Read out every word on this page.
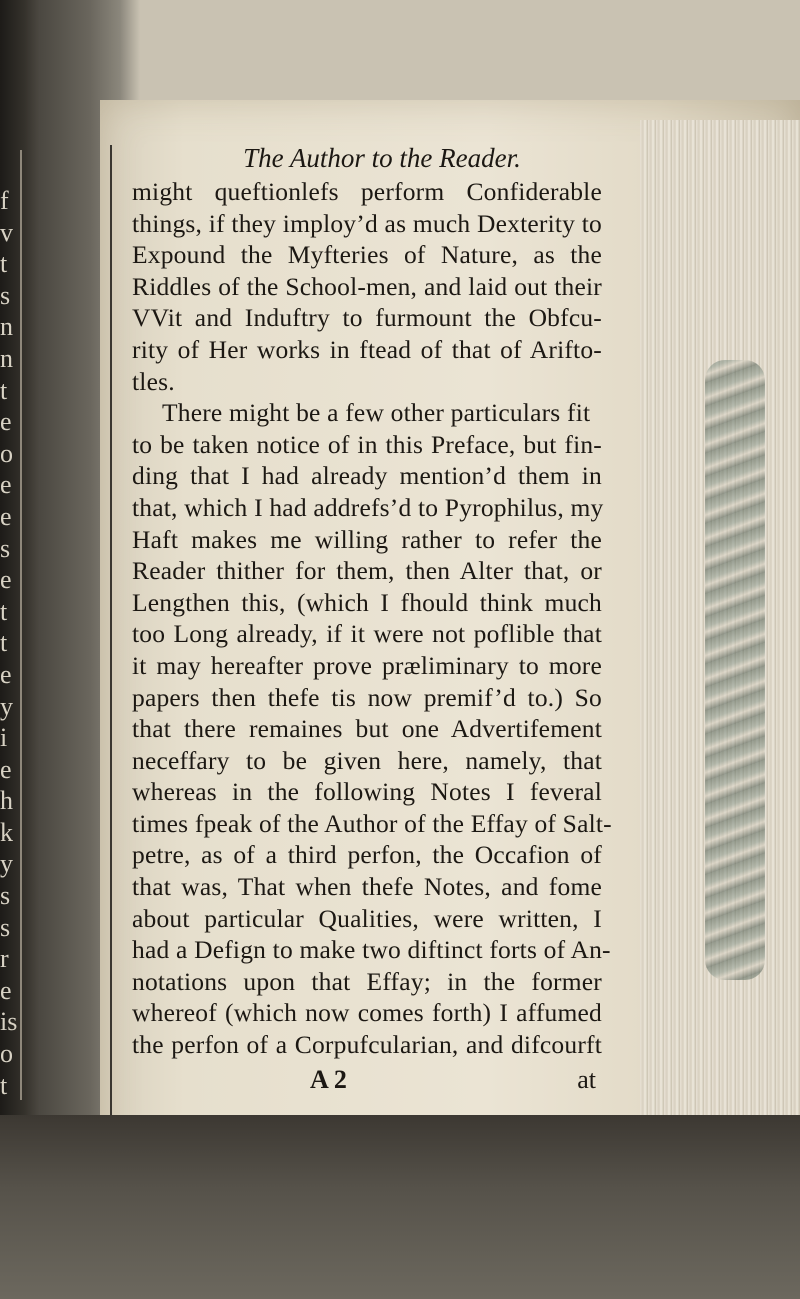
f
v
t
s
n
n
t
e
o
e
e
s
e
t
t
e
y
i
e
h
k
y
s
s
r
e
is
o
t
The Author to the Reader.
might queftionlefs perform Confiderable
things, if they imploy’d as much Dexterity to
Expound the Myfteries of Nature, as the
Riddles of the School-men, and laid out their
VVit and Induftry to furmount the Obfcu-
rity of Her works in ftead of that of Arifto-
tles.
There might be a few other particulars fit
to be taken notice of in this Preface, but fin-
ding that I had already mention’d them in
that, which I had addrefs’d to Pyrophilus, my
Haft makes me willing rather to refer the
Reader thither for them, then Alter that, or
Lengthen this, (which I fhould think much
too Long already, if it were not poflible that
it may hereafter prove præliminary to more
papers then thefe tis now premif’d to.) So
that there remaines but one Advertifement
neceffary to be given here, namely, that
whereas in the following Notes I feveral
times fpeak of the Author of the Effay of Salt-
petre, as of a third perfon, the Occafion of
that was, That when thefe Notes, and fome
about particular Qualities, were written, I
had a Defign to make two diftinct forts of An-
notations upon that Effay; in the former
whereof (which now comes forth) I affumed
the perfon of a Corpufcularian, and difcourft
A 2	at
